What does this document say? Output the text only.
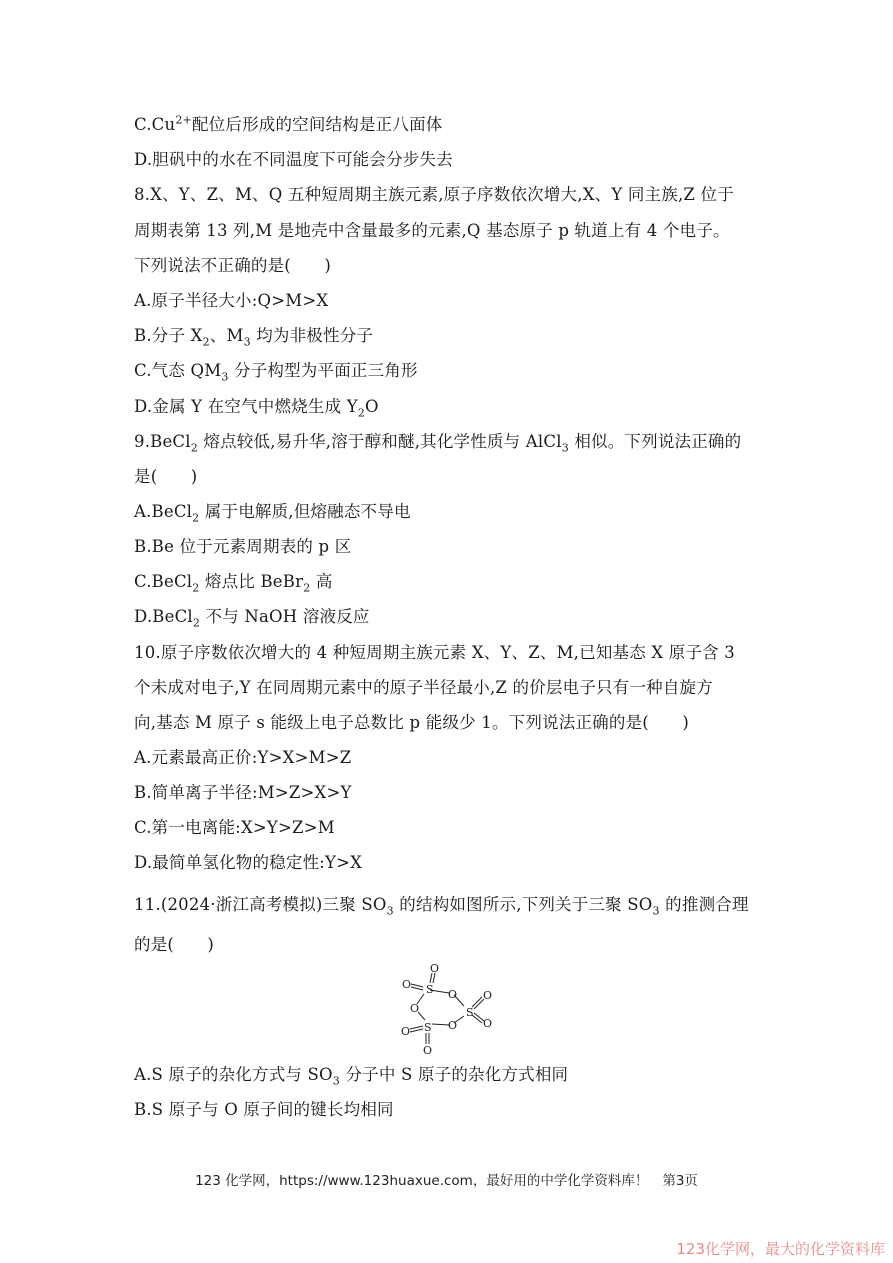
$C.Cu^{2+}$配位后形成的空间结构是正八面体
D.胆矾中的水在不同温度下可能会分步失去
8.X、Y、Z、M、Q 五种短周期主族元素,原子序数依次增大,X、Y 同主族,Z 位于
周期表第 13 列,M 是地壳中含量最多的元素,Q 基态原子 p 轨道上有 4 个电子。
下列说法不正确的是(　　)
A.原子半径大小:Q>M>X
B.分子 $X_2$、$M_3$ 均为非极性分子
C.气态 $QM_3$ 分子构型为平面正三角形
D.金属 Y 在空气中燃烧生成 $Y_2O$
9.BeCl$_2$ 熔点较低,易升华,溶于醇和醚,其化学性质与 AlCl$_3$ 相似。下列说法正确的
是(　　)
A.BeCl$_2$ 属于电解质,但熔融态不导电
B.Be 位于元素周期表的 p 区
C.BeCl$_2$ 熔点比 BeBr$_2$ 高
D.BeCl$_2$ 不与 NaOH 溶液反应
10.原子序数依次增大的 4 种短周期主族元素 X、Y、Z、M,已知基态 X 原子含 3
个未成对电子,Y 在同周期元素中的原子半径最小,Z 的价层电子只有一种自旋方
向,基态 M 原子 s 能级上电子总数比 p 能级少 1。下列说法正确的是(　　)
A.元素最高正价:Y>X>M>Z
B.简单离子半径:M>Z>X>Y
C.第一电离能:X>Y>Z>M
D.最简单氢化物的稳定性:Y>X
11.(2024·浙江高考模拟)三聚 $SO_3$ 的结构如图所示,下列关于三聚 $SO_3$ 的推测合理
的是(　　)
S
S
S
O
O
O
O
O
O
O
O
O
A.S 原子的杂化方式与 $SO_3$ 分子中 S 原子的杂化方式相同
B.S 原子与 O 原子间的键长均相同
123 化学网，https://www.123huaxue.com，最好用的中学化学资料库！ 第3页
123化学网，最大的化学资料库
